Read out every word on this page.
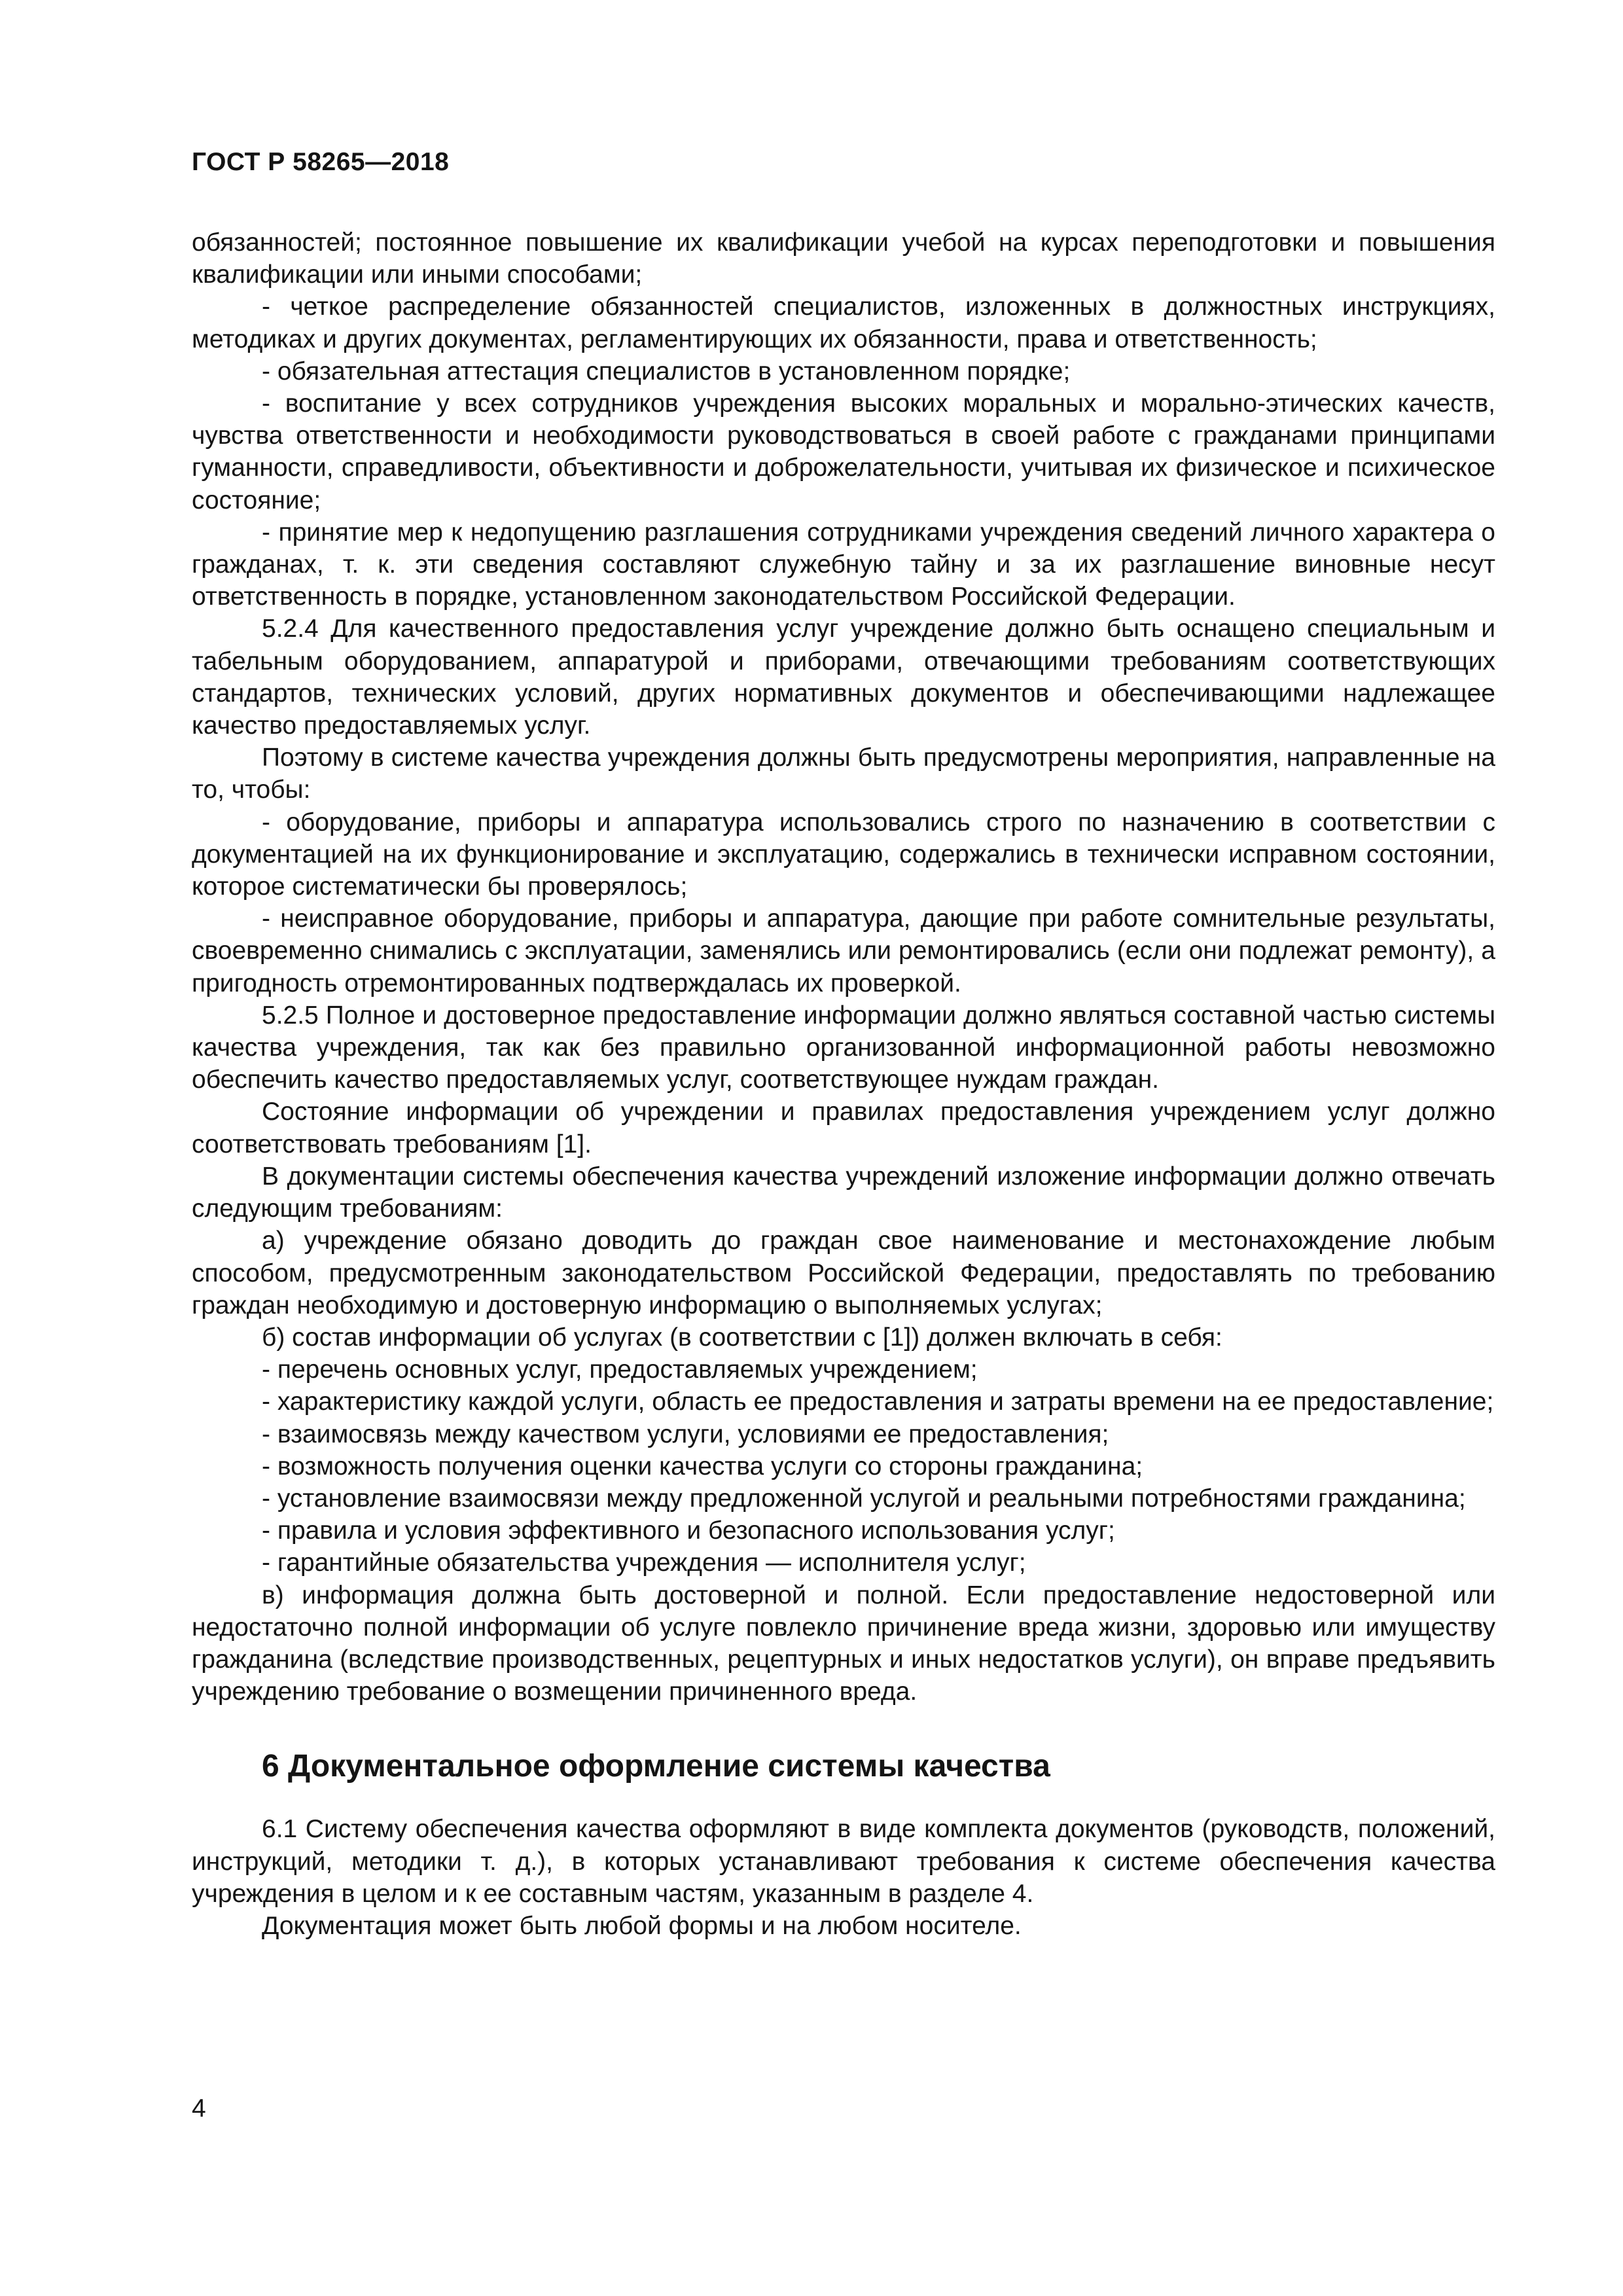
ГОСТ Р 58265—2018

обязанностей; постоянное повышение их квалификации учебой на курсах переподготовки и повышения квалификации или иными способами;

- четкое распределение обязанностей специалистов, изложенных в должностных инструкциях, методиках и других документах, регламентирующих их обязанности, права и ответственность;

- обязательная аттестация специалистов в установленном порядке;

- воспитание у всех сотрудников учреждения высоких моральных и морально-этических качеств, чувства ответственности и необходимости руководствоваться в своей работе с гражданами принципами гуманности, справедливости, объективности и доброжелательности, учитывая их физическое и психическое состояние;

- принятие мер к недопущению разглашения сотрудниками учреждения сведений личного характера о гражданах, т. к. эти сведения составляют служебную тайну и за их разглашение виновные несут ответственность в порядке, установленном законодательством Российской Федерации.

5.2.4 Для качественного предоставления услуг учреждение должно быть оснащено специальным и табельным оборудованием, аппаратурой и приборами, отвечающими требованиям соответствующих стандартов, технических условий, других нормативных документов и обеспечивающими надлежащее качество предоставляемых услуг.

Поэтому в системе качества учреждения должны быть предусмотрены мероприятия, направленные на то, чтобы:

- оборудование, приборы и аппаратура использовались строго по назначению в соответствии с документацией на их функционирование и эксплуатацию, содержались в технически исправном состоянии, которое систематически бы проверялось;

- неисправное оборудование, приборы и аппаратура, дающие при работе сомнительные результаты, своевременно снимались с эксплуатации, заменялись или ремонтировались (если они подлежат ремонту), а пригодность отремонтированных подтверждалась их проверкой.

5.2.5 Полное и достоверное предоставление информации должно являться составной частью системы качества учреждения, так как без правильно организованной информационной работы невозможно обеспечить качество предоставляемых услуг, соответствующее нуждам граждан.

Состояние информации об учреждении и правилах предоставления учреждением услуг должно соответствовать требованиям [1].

В документации системы обеспечения качества учреждений изложение информации должно отвечать следующим требованиям:

а) учреждение обязано доводить до граждан свое наименование и местонахождение любым способом, предусмотренным законодательством Российской Федерации, предоставлять по требованию граждан необходимую и достоверную информацию о выполняемых услугах;

б) состав информации об услугах (в соответствии с [1]) должен включать в себя:

- перечень основных услуг, предоставляемых учреждением;

- характеристику каждой услуги, область ее предоставления и затраты времени на ее предоставление;

- взаимосвязь между качеством услуги, условиями ее предоставления;

- возможность получения оценки качества услуги со стороны гражданина;

- установление взаимосвязи между предложенной услугой и реальными потребностями гражданина;

- правила и условия эффективного и безопасного использования услуг;

- гарантийные обязательства учреждения — исполнителя услуг;

в) информация должна быть достоверной и полной. Если предоставление недостоверной или недостаточно полной информации об услуге повлекло причинение вреда жизни, здоровью или имуществу гражданина (вследствие производственных, рецептурных и иных недостатков услуги), он вправе предъявить учреждению требование о возмещении причиненного вреда.

6 Документальное оформление системы качества

6.1 Систему обеспечения качества оформляют в виде комплекта документов (руководств, положений, инструкций, методики т. д.), в которых устанавливают требования к системе обеспечения качества учреждения в целом и к ее составным частям, указанным в разделе 4.

Документация может быть любой формы и на любом носителе.

4
